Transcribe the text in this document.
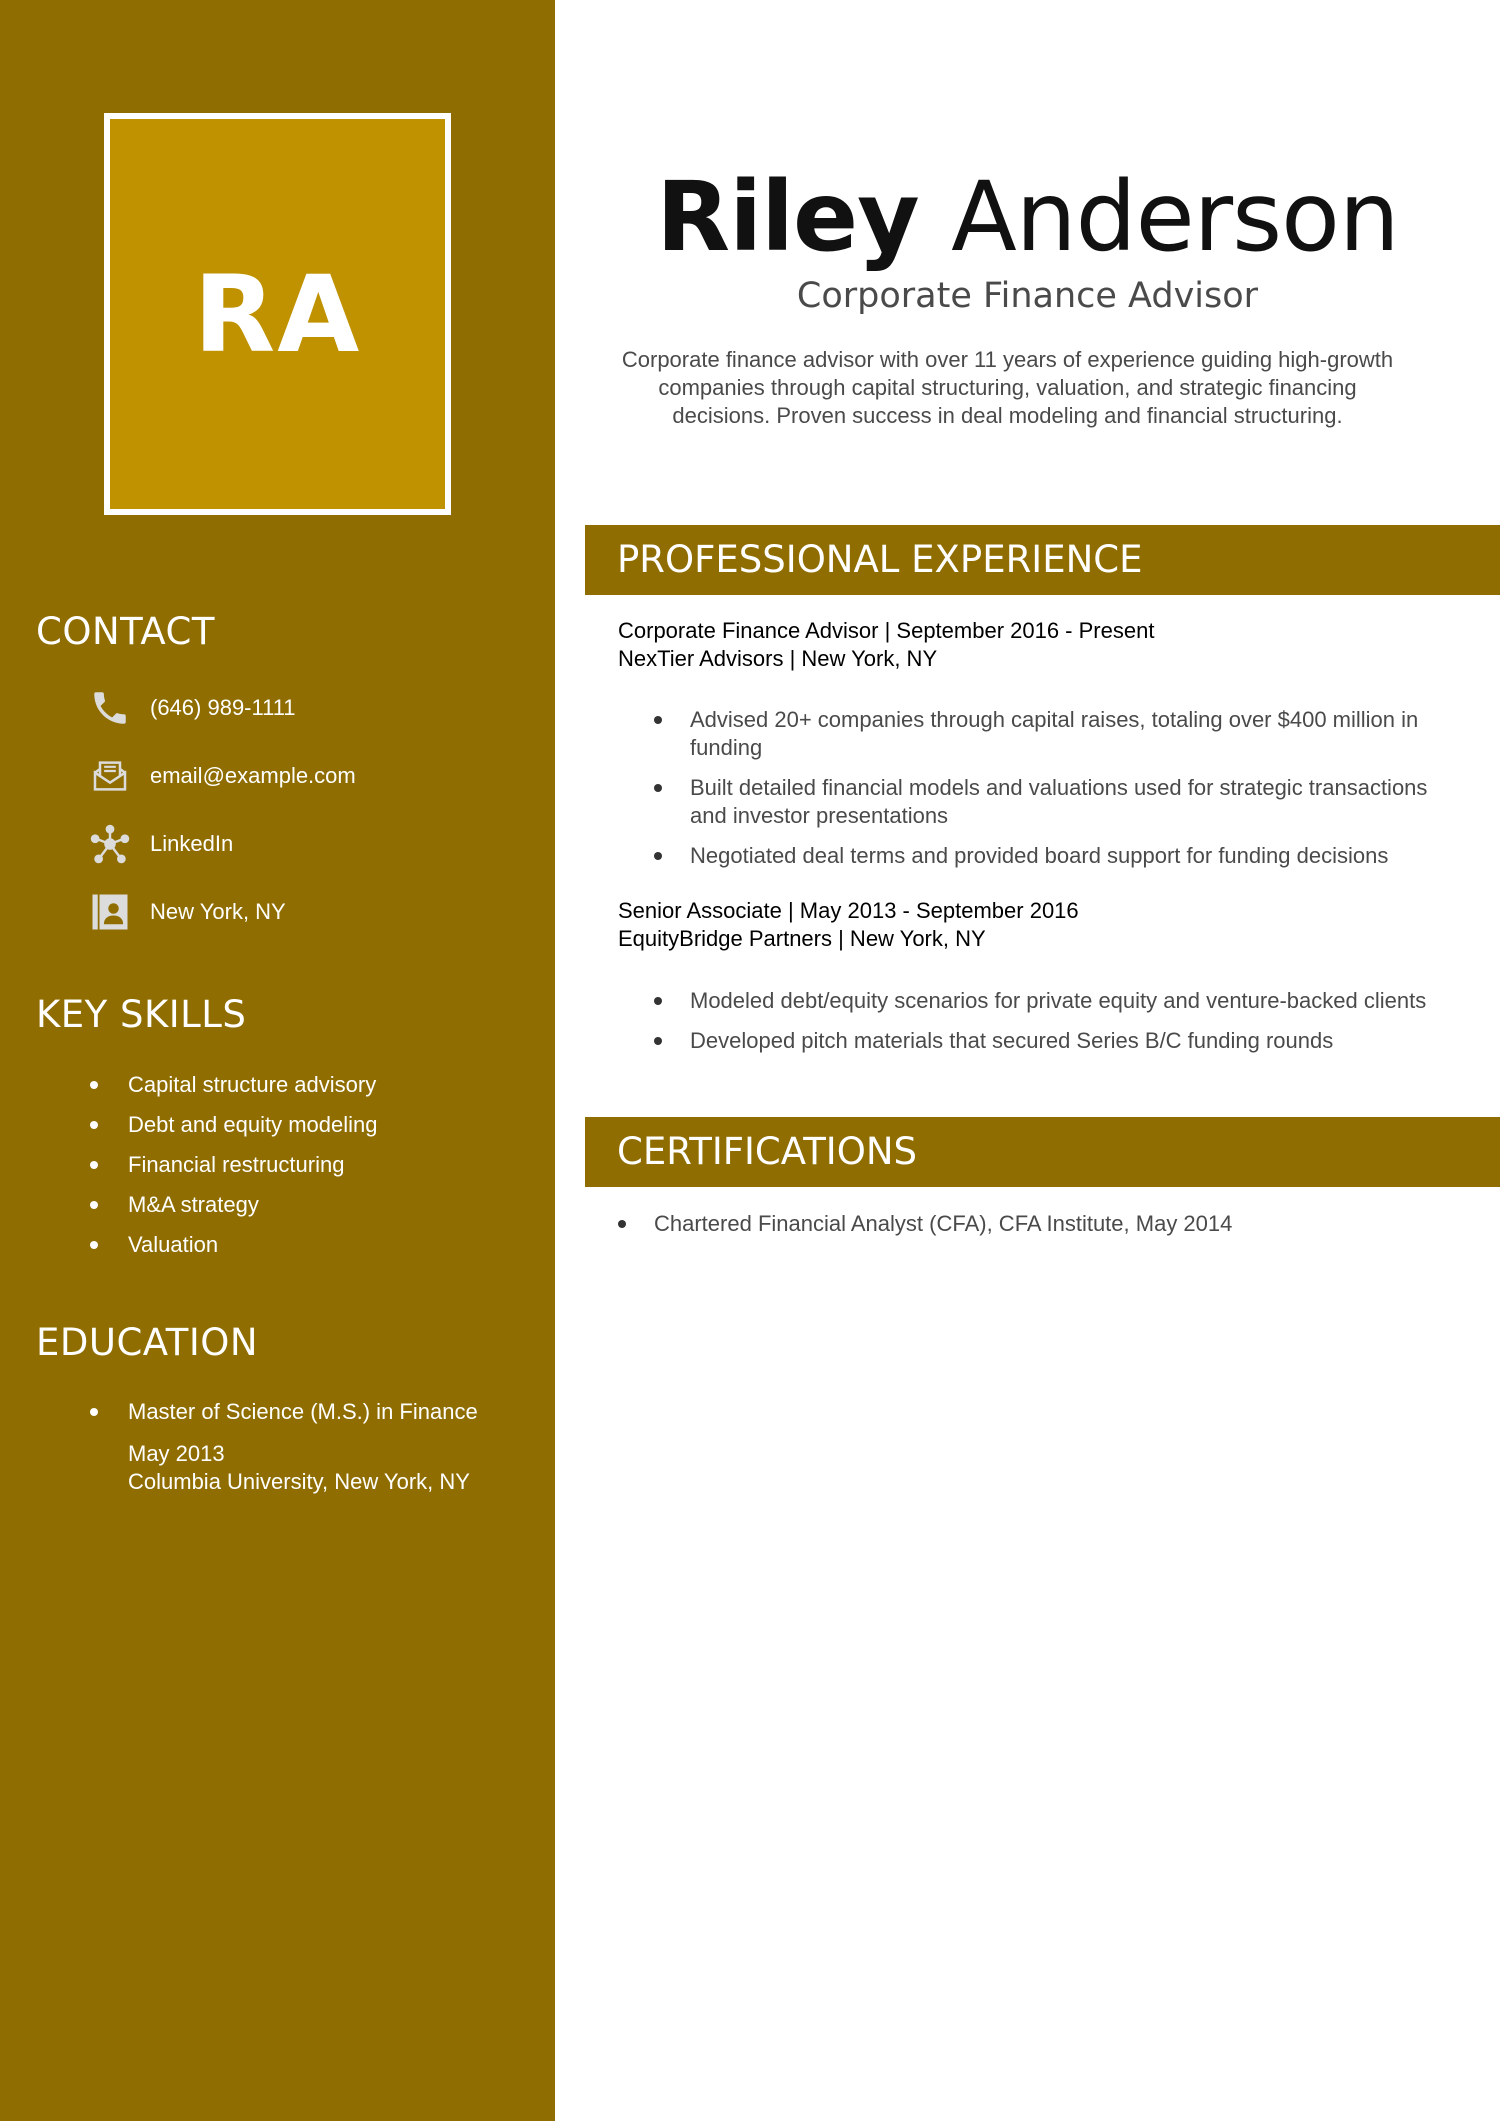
RA
CONTACT
(646) 989-1111
email@example.com
LinkedIn
New York, NY
KEY SKILLS
Capital structure advisory
Debt and equity modeling
Financial restructuring
M&A strategy
Valuation
EDUCATION
Master of Science (M.S.) in Finance
May 2013
Columbia University, New York, NY
Riley Anderson
Corporate Finance Advisor

Corporate finance advisor with over 11 years of experience guiding high-growth companies through capital structuring, valuation, and strategic financing decisions. Proven success in deal modeling and financial structuring.

PROFESSIONAL EXPERIENCE
Corporate Finance Advisor | September 2016 - Present
NexTier Advisors | New York, NY
Advised 20+ companies through capital raises, totaling over $400 million in funding
Built detailed financial models and valuations used for strategic transactions and investor presentations
Negotiated deal terms and provided board support for funding decisions
Senior Associate | May 2013 - September 2016
EquityBridge Partners | New York, NY
Modeled debt/equity scenarios for private equity and venture-backed clients
Developed pitch materials that secured Series B/C funding rounds
CERTIFICATIONS
Chartered Financial Analyst (CFA), CFA Institute, May 2014
